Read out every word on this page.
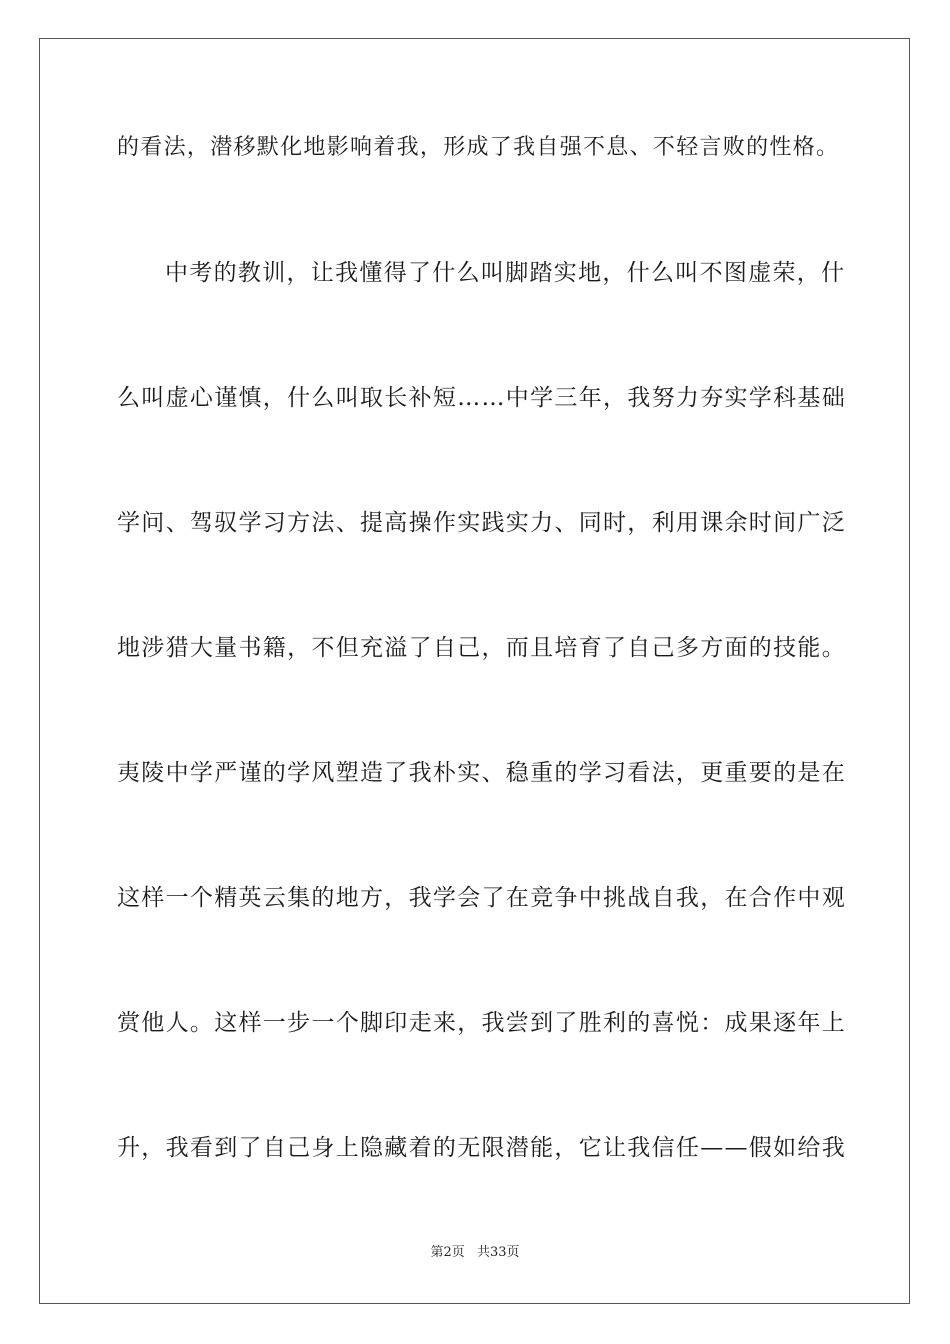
的看法，潜移默化地影响着我，形成了我自强不息、不轻言败的性格。
中考的教训，让我懂得了什么叫脚踏实地，什么叫不图虚荣，什
么叫虚心谨慎，什么叫取长补短……中学三年，我努力夯实学科基础
学问、驾驭学习方法、提高操作实践实力、同时，利用课余时间广泛
地涉猎大量书籍，不但充溢了自己，而且培育了自己多方面的技能。
夷陵中学严谨的学风塑造了我朴实、稳重的学习看法，更重要的是在
这样一个精英云集的地方，我学会了在竞争中挑战自我，在合作中观
赏他人。这样一步一个脚印走来，我尝到了胜利的喜悦：成果逐年上
升，我看到了自己身上隐藏着的无限潜能，它让我信任——假如给我
第2页 共33页
